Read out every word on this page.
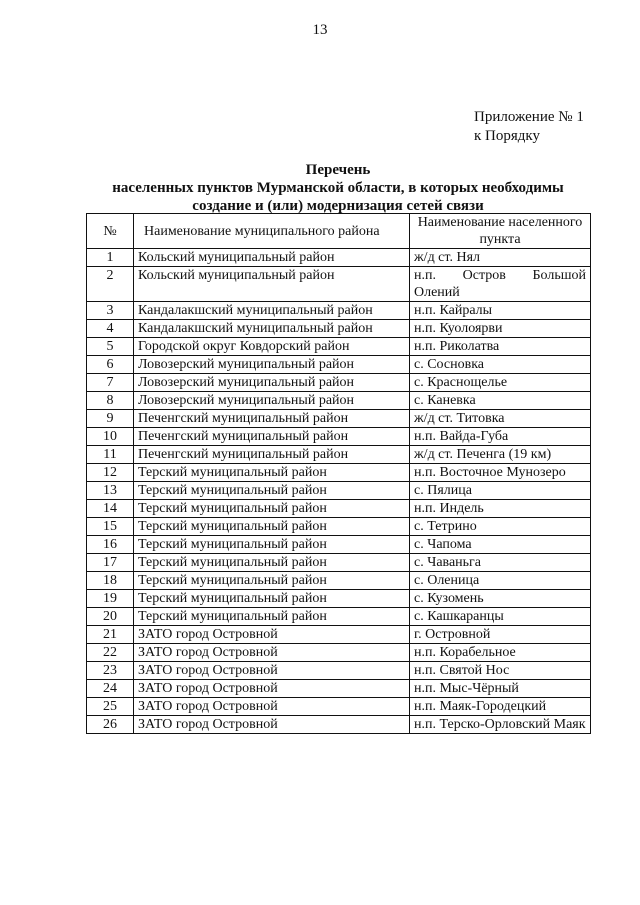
13
Приложение № 1
к Порядку
Перечень
населенных пунктов Мурманской области, в которых необходимы
создание и (или) модернизация сетей связи
№	Наименование муниципального района	Наименование населенного пункта
1	Кольский муниципальный район	ж/д ст. Нял
2	Кольский муниципальный район	н.п. Остров Большой Олений
3	Кандалакшский муниципальный район	н.п. Кайралы
4	Кандалакшский муниципальный район	н.п. Куолоярви
5	Городской округ Ковдорский район	н.п. Риколатва
6	Ловозерский муниципальный район	с. Сосновка
7	Ловозерский муниципальный район	с. Краснощелье
8	Ловозерский муниципальный район	с. Каневка
9	Печенгский муниципальный район	ж/д ст. Титовка
10	Печенгский муниципальный район	н.п. Вайда-Губа
11	Печенгский муниципальный район	ж/д ст. Печенга (19 км)
12	Терский муниципальный район	н.п. Восточное Мунозеро
13	Терский муниципальный район	с. Пялица
14	Терский муниципальный район	н.п. Индель
15	Терский муниципальный район	с. Тетрино
16	Терский муниципальный район	с. Чапома
17	Терский муниципальный район	с. Чаваньга
18	Терский муниципальный район	с. Оленица
19	Терский муниципальный район	с. Кузомень
20	Терский муниципальный район	с. Кашкаранцы
21	ЗАТО город Островной	г. Островной
22	ЗАТО город Островной	н.п. Корабельное
23	ЗАТО город Островной	н.п. Святой Нос
24	ЗАТО город Островной	н.п. Мыс-Чёрный
25	ЗАТО город Островной	н.п. Маяк-Городецкий
26	ЗАТО город Островной	н.п. Терско-Орловский Маяк
